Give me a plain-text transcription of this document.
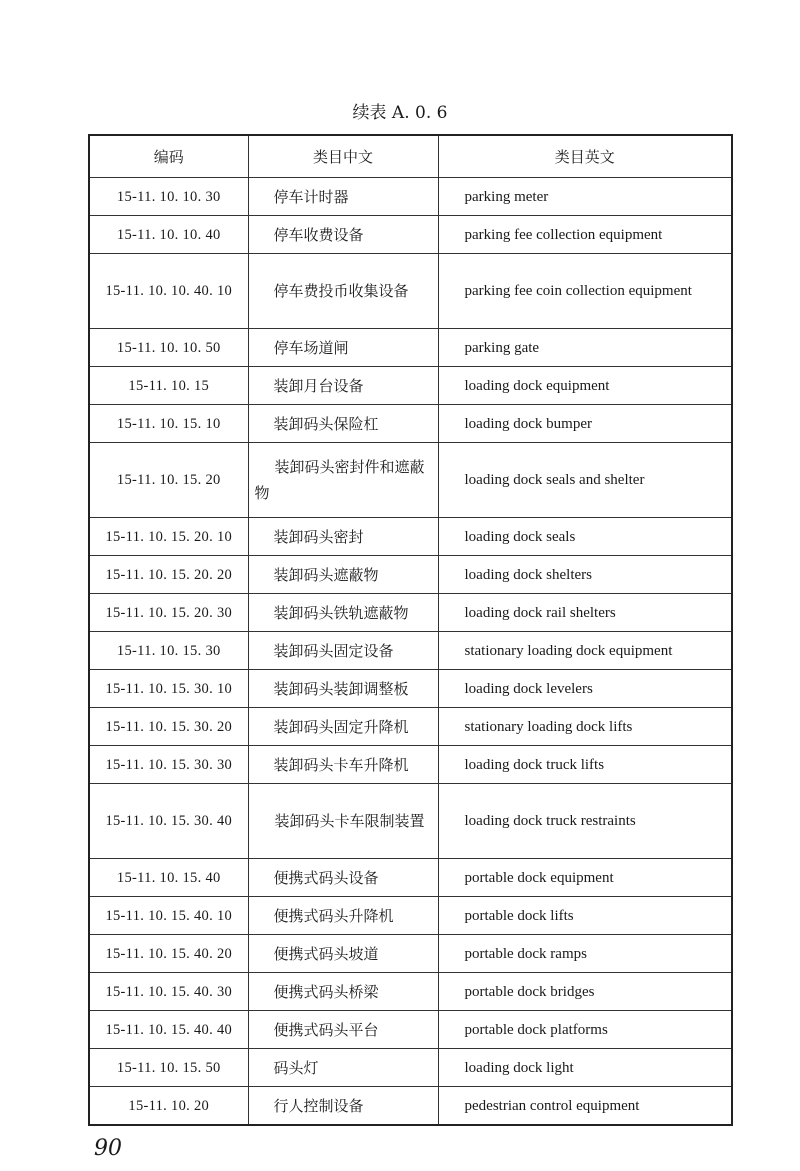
续表 A. 0. 6
编码	类目中文	类目英文
15-11. 10. 10. 30	停车计时器	parking meter
15-11. 10. 10. 40	停车收费设备	parking fee collection equipment
15-11. 10. 10. 40. 10	停车费投币收集设备	parking fee coin collection equipment
15-11. 10. 10. 50	停车场道闸	parking gate
15-11. 10. 15	装卸月台设备	loading dock equipment
15-11. 10. 15. 10	装卸码头保险杠	loading dock bumper
15-11. 10. 15. 20	装卸码头密封件和遮蔽物	loading dock seals and shelter
15-11. 10. 15. 20. 10	装卸码头密封	loading dock seals
15-11. 10. 15. 20. 20	装卸码头遮蔽物	loading dock shelters
15-11. 10. 15. 20. 30	装卸码头铁轨遮蔽物	loading dock rail shelters
15-11. 10. 15. 30	装卸码头固定设备	stationary loading dock equipment
15-11. 10. 15. 30. 10	装卸码头装卸调整板	loading dock levelers
15-11. 10. 15. 30. 20	装卸码头固定升降机	stationary loading dock lifts
15-11. 10. 15. 30. 30	装卸码头卡车升降机	loading dock truck lifts
15-11. 10. 15. 30. 40	装卸码头卡车限制装置	loading dock truck restraints
15-11. 10. 15. 40	便携式码头设备	portable dock equipment
15-11. 10. 15. 40. 10	便携式码头升降机	portable dock lifts
15-11. 10. 15. 40. 20	便携式码头坡道	portable dock ramps
15-11. 10. 15. 40. 30	便携式码头桥梁	portable dock bridges
15-11. 10. 15. 40. 40	便携式码头平台	portable dock platforms
15-11. 10. 15. 50	码头灯	loading dock light
15-11. 10. 20	行人控制设备	pedestrian control equipment
90
